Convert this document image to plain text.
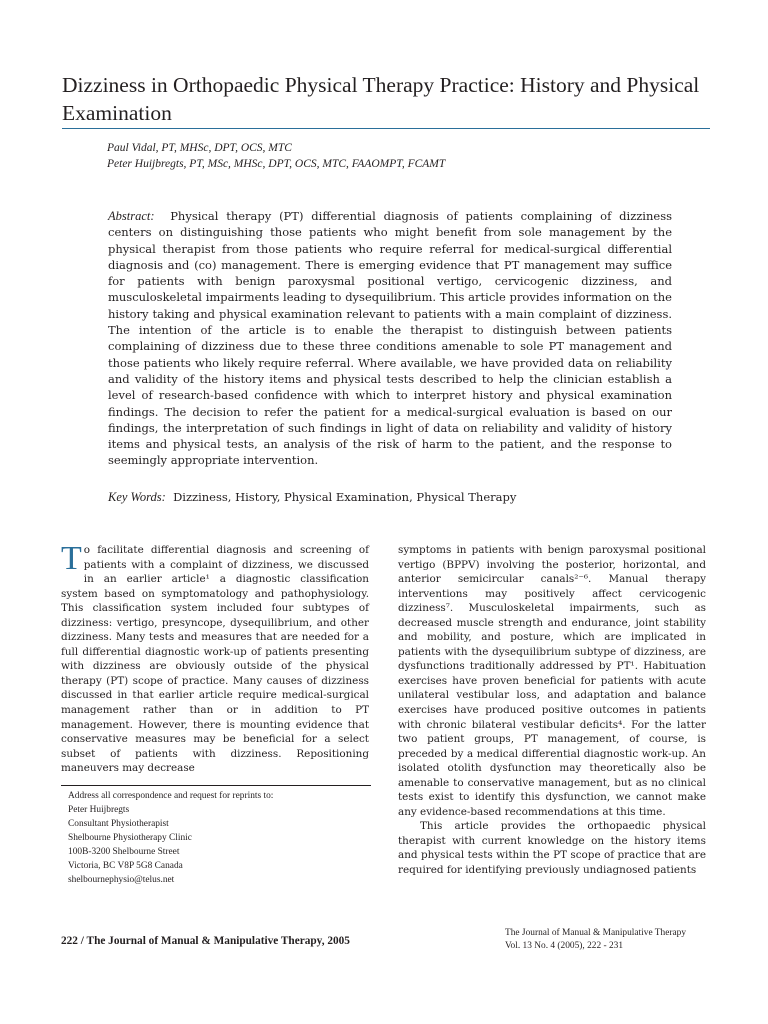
Dizziness in Orthopaedic Physical Therapy Practice: History and Physical Examination
Paul Vidal, PT, MHSc, DPT, OCS, MTC
Peter Huijbregts, PT, MSc, MHSc, DPT, OCS, MTC, FAAOMPT, FCAMT

Abstract: Physical therapy (PT) differential diagnosis of patients complaining of dizziness centers on distinguishing those patients who might benefit from sole management by the physical therapist from those patients who require referral for medical-surgical differential diagnosis and (co) management. There is emerging evidence that PT management may suffice for patients with benign paroxysmal positional vertigo, cervicogenic dizziness, and musculoskeletal impairments leading to dysequilibrium. This article provides information on the history taking and physical examination relevant to patients with a main complaint of dizziness. The intention of the article is to enable the therapist to distinguish between patients complaining of dizziness due to these three conditions amenable to sole PT management and those patients who likely require referral. Where available, we have provided data on reliability and validity of the history items and physical tests described to help the clinician establish a level of research-based confidence with which to interpret history and physical examination findings. The decision to refer the patient for a medical-surgical evaluation is based on our findings, the interpretation of such findings in light of data on reliability and validity of history items and physical tests, an analysis of the risk of harm to the patient, and the response to seemingly appropriate intervention.

Key Words: Dizziness, History, Physical Examination, Physical Therapy

To facilitate differential diagnosis and screening of patients with a complaint of dizziness, we discussed in an earlier article¹ a diagnostic classification system based on symptomatology and pathophysiology. This classification system included four subtypes of dizziness: vertigo, presyncope, dysequilibrium, and other dizziness. Many tests and measures that are needed for a full differential diagnostic work-up of patients presenting with dizziness are obviously outside of the physical therapy (PT) scope of practice. Many causes of dizziness discussed in that earlier article require medical-surgical management rather than or in addition to PT management. However, there is mounting evidence that conservative measures may be beneficial for a select subset of patients with dizziness. Repositioning maneuvers may decrease

Address all correspondence and request for reprints to:
Peter Huijbregts
Consultant Physiotherapist
Shelbourne Physiotherapy Clinic
100B-3200 Shelbourne Street
Victoria, BC V8P 5G8 Canada
shelbournephysio@telus.net
symptoms in patients with benign paroxysmal positional vertigo (BPPV) involving the posterior, horizontal, and anterior semicircular canals²⁻⁶. Manual therapy interventions may positively affect cervicogenic dizziness⁷. Musculoskeletal impairments, such as decreased muscle strength and endurance, joint stability and mobility, and posture, which are implicated in patients with the dysequilibrium subtype of dizziness, are dysfunctions traditionally addressed by PT¹. Habituation exercises have proven beneficial for patients with acute unilateral vestibular loss, and adaptation and balance exercises have produced positive outcomes in patients with chronic bilateral vestibular deficits⁴. For the latter two patient groups, PT management, of course, is preceded by a medical differential diagnostic work-up. An isolated otolith dysfunction may theoretically also be amenable to conservative management, but as no clinical tests exist to identify this dysfunction, we cannot make any evidence-based recommendations at this time.
This article provides the orthopaedic physical therapist with current knowledge on the history items and physical tests within the PT scope of practice that are required for identifying previously undiagnosed patients
222 / The Journal of Manual & Manipulative Therapy, 2005
The Journal of Manual & Manipulative Therapy
Vol. 13 No. 4 (2005), 222 - 231
